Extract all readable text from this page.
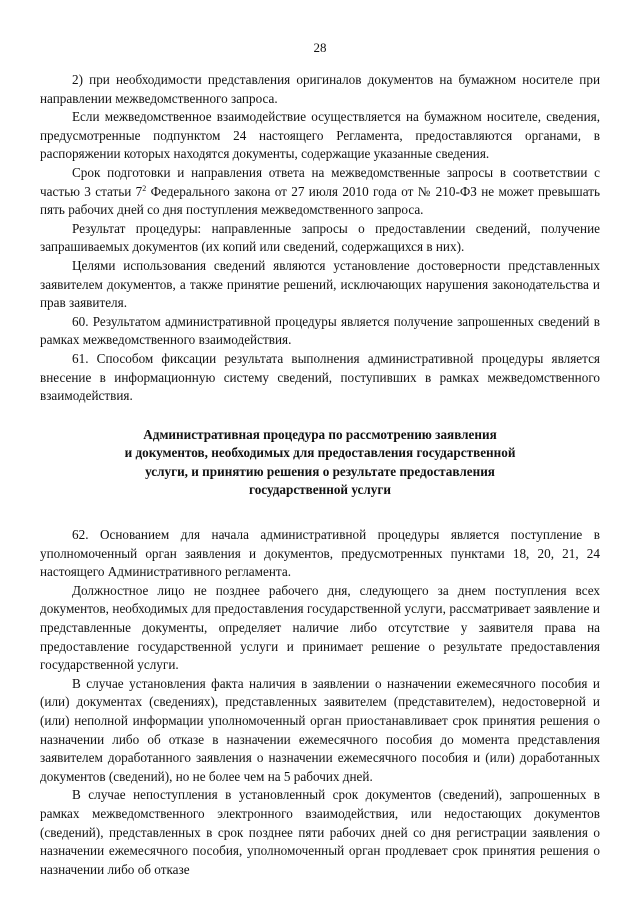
28

2) при необходимости представления оригиналов документов на бумажном носителе при направлении межведомственного запроса.

Если межведомственное взаимодействие осуществляется на бумажном носителе, сведения, предусмотренные подпунктом 24 настоящего Регламента, предоставляются органами, в распоряжении которых находятся документы, содержащие указанные сведения.

Срок подготовки и направления ответа на межведомственные запросы в соответствии с частью 3 статьи $7^2$ Федерального закона от 27 июля 2010 года от № 210-ФЗ не может превышать пять рабочих дней со дня поступления межведомственного запроса.

Результат процедуры: направленные запросы о предоставлении сведений, получение запрашиваемых документов (их копий или сведений, содержащихся в них).

Целями использования сведений являются установление достоверности представленных заявителем документов, а также принятие решений, исключающих нарушения законодательства и прав заявителя.

60. Результатом административной процедуры является получение запрошенных сведений в рамках межведомственного взаимодействия.

61. Способом фиксации результата выполнения административной процедуры является внесение в информационную систему сведений, поступивших в рамках межведомственного взаимодействия.

Административная процедура по рассмотрению заявления
и документов, необходимых для предоставления государственной
услуги, и принятию решения о результате предоставления
государственной услуги

62. Основанием для начала административной процедуры является поступление в уполномоченный орган заявления и документов, предусмотренных пунктами 18, 20, 21, 24 настоящего Административного регламента.

Должностное лицо не позднее рабочего дня, следующего за днем поступления всех документов, необходимых для предоставления государственной услуги, рассматривает заявление и представленные документы, определяет наличие либо отсутствие у заявителя права на предоставление государственной услуги и принимает решение о результате предоставления государственной услуги.

В случае установления факта наличия в заявлении о назначении ежемесячного пособия и (или) документах (сведениях), представленных заявителем (представителем), недостоверной и (или) неполной информации уполномоченный орган приостанавливает срок принятия решения о назначении либо об отказе в назначении ежемесячного пособия до момента представления заявителем доработанного заявления о назначении ежемесячного пособия и (или) доработанных документов (сведений), но не более чем на 5 рабочих дней.

В случае непоступления в установленный срок документов (сведений), запрошенных в рамках межведомственного электронного взаимодействия, или недостающих документов (сведений), представленных в срок позднее пяти рабочих дней со дня регистрации заявления о назначении ежемесячного пособия, уполномоченный орган продлевает срок принятия решения о назначении либо об отказе
